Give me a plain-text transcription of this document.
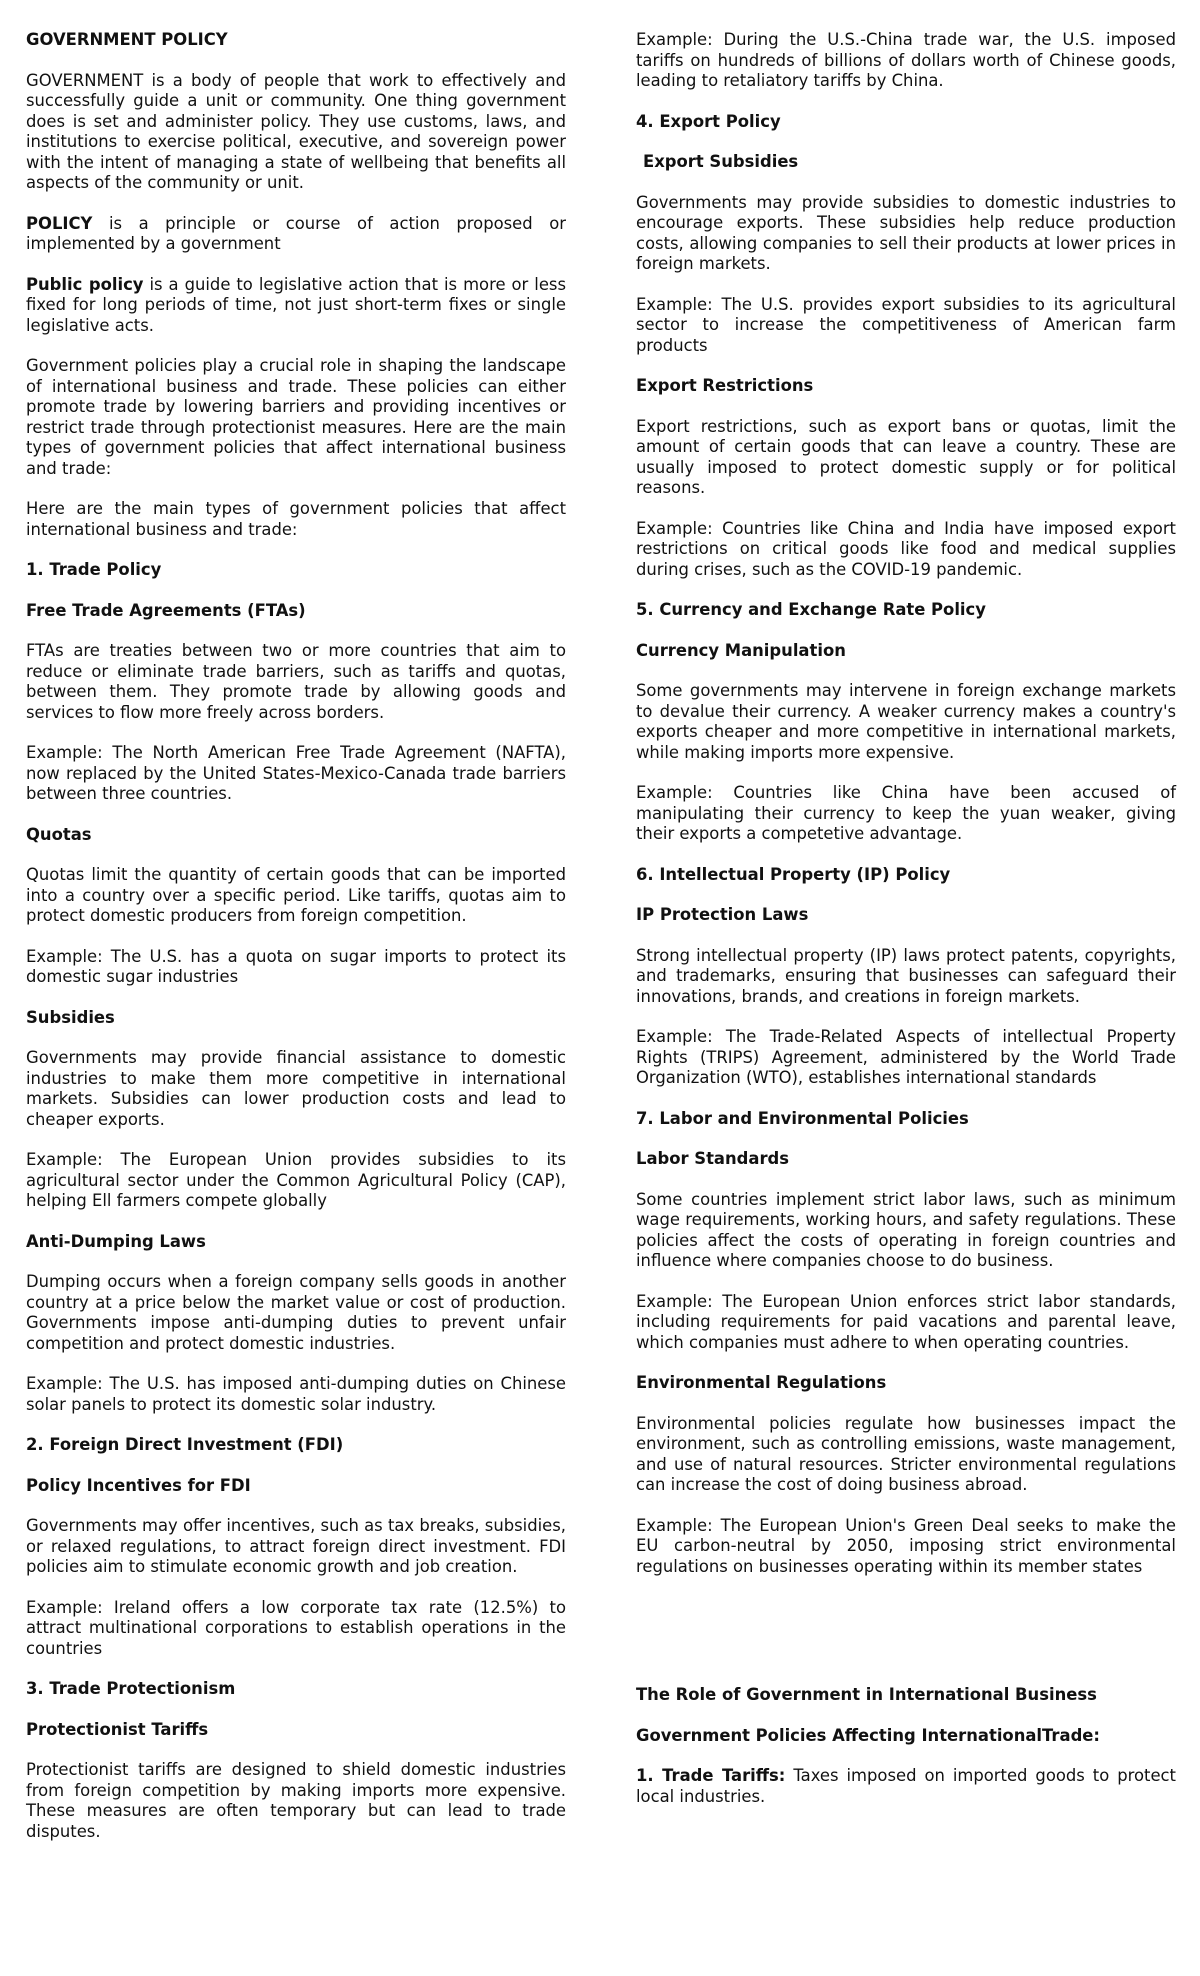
GOVERNMENT POLICY

GOVERNMENT is a body of people that work to effectively and successfully guide a unit or community. One thing government does is set and administer policy. They use customs, laws, and institutions to exercise political, executive, and sovereign power with the intent of managing a state of wellbeing that benefits all aspects of the community or unit.

POLICY is a principle or course of action proposed or implemented by a government

Public policy is a guide to legislative action that is more or less fixed for long periods of time, not just short-term fixes or single legislative acts.

Government policies play a crucial role in shaping the landscape of international business and trade. These policies can either promote trade by lowering barriers and providing incentives or restrict trade through protectionist measures. Here are the main types of government policies that affect international business and trade:

Here are the main types of government policies that affect international business and trade:

1. Trade Policy
Free Trade Agreements (FTAs)

FTAs are treaties between two or more countries that aim to reduce or eliminate trade barriers, such as tariffs and quotas, between them. They promote trade by allowing goods and services to flow more freely across borders.

Example: The North American Free Trade Agreement (NAFTA), now replaced by the United States-Mexico-Canada trade barriers between three countries.

Quotas

Quotas limit the quantity of certain goods that can be imported into a country over a specific period. Like tariffs, quotas aim to protect domestic producers from foreign competition.

Example: The U.S. has a quota on sugar imports to protect its domestic sugar industries

Subsidies

Governments may provide financial assistance to domestic industries to make them more competitive in international markets. Subsidies can lower production costs and lead to cheaper exports.

Example: The European Union provides subsidies to its agricultural sector under the Common Agricultural Policy (CAP), helping Ell farmers compete globally

Anti-Dumping Laws

Dumping occurs when a foreign company sells goods in another country at a price below the market value or cost of production. Governments impose anti-dumping duties to prevent unfair competition and protect domestic industries.

Example: The U.S. has imposed anti-dumping duties on Chinese solar panels to protect its domestic solar industry.

2. Foreign Direct Investment (FDI)
Policy Incentives for FDI

Governments may offer incentives, such as tax breaks, subsidies, or relaxed regulations, to attract foreign direct investment. FDI policies aim to stimulate economic growth and job creation.

Example: Ireland offers a low corporate tax rate (12.5%) to attract multinational corporations to establish operations in the countries

3. Trade Protectionism
Protectionist Tariffs

Protectionist tariffs are designed to shield domestic industries from foreign competition by making imports more expensive. These measures are often temporary but can lead to trade disputes.

Example: During the U.S.-China trade war, the U.S. imposed tariffs on hundreds of billions of dollars worth of Chinese goods, leading to retaliatory tariffs by China.

4. Export Policy
Export Subsidies

Governments may provide subsidies to domestic industries to encourage exports. These subsidies help reduce production costs, allowing companies to sell their products at lower prices in foreign markets.

Example: The U.S. provides export subsidies to its agricultural sector to increase the competitiveness of American farm products

Export Restrictions

Export restrictions, such as export bans or quotas, limit the amount of certain goods that can leave a country. These are usually imposed to protect domestic supply or for political reasons.

Example: Countries like China and India have imposed export restrictions on critical goods like food and medical supplies during crises, such as the COVID-19 pandemic.

5. Currency and Exchange Rate Policy
Currency Manipulation

Some governments may intervene in foreign exchange markets to devalue their currency. A weaker currency makes a country's exports cheaper and more competitive in international markets, while making imports more expensive.

Example: Countries like China have been accused of manipulating their currency to keep the yuan weaker, giving their exports a competetive advantage.

6. Intellectual Property (IP) Policy
IP Protection Laws

Strong intellectual property (IP) laws protect patents, copyrights, and trademarks, ensuring that businesses can safeguard their innovations, brands, and creations in foreign markets.

Example: The Trade-Related Aspects of intellectual Property Rights (TRIPS) Agreement, administered by the World Trade Organization (WTO), establishes international standards

7. Labor and Environmental Policies
Labor Standards

Some countries implement strict labor laws, such as minimum wage requirements, working hours, and safety regulations. These policies affect the costs of operating in foreign countries and influence where companies choose to do business.

Example: The European Union enforces strict labor standards, including requirements for paid vacations and parental leave, which companies must adhere to when operating countries.

Environmental Regulations

Environmental policies regulate how businesses impact the environment, such as controlling emissions, waste management, and use of natural resources. Stricter environmental regulations can increase the cost of doing business abroad.

Example: The European Union's Green Deal seeks to make the EU carbon-neutral by 2050, imposing strict environmental regulations on businesses operating within its member states

The Role of Government in International Business
Government Policies Affecting InternationalTrade:

1. Trade Tariffs: Taxes imposed on imported goods to protect local industries.
